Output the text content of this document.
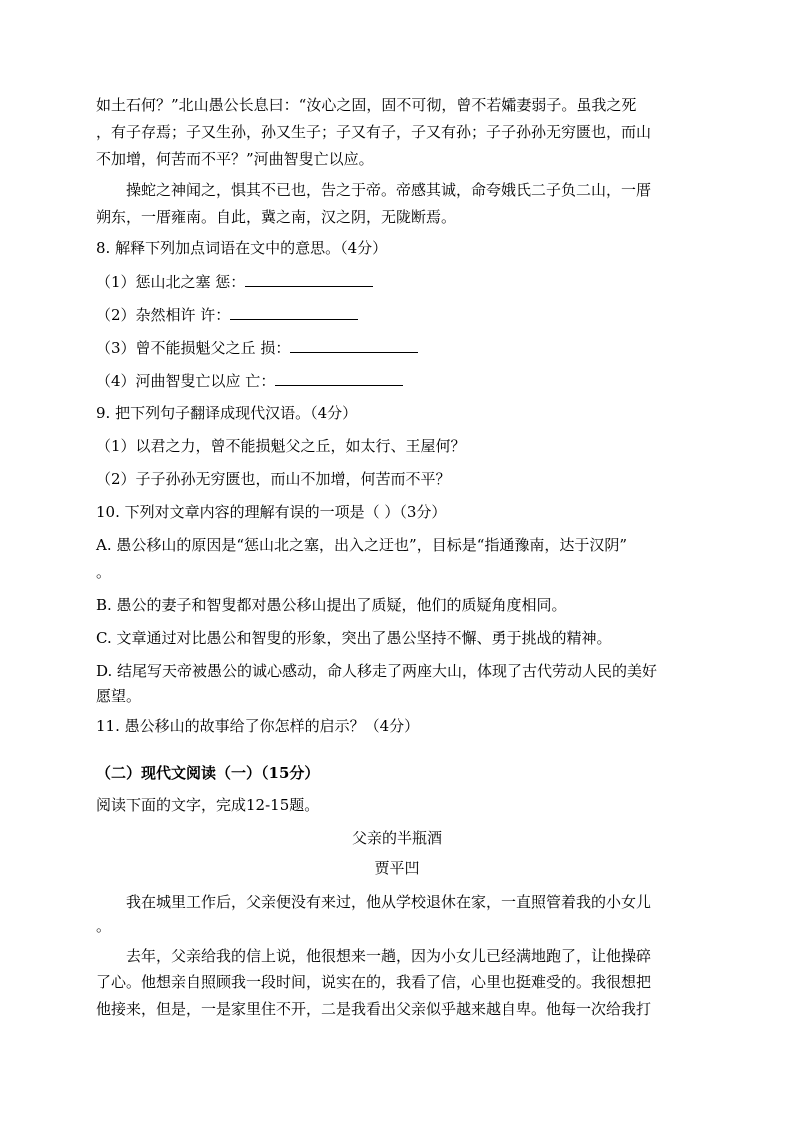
如土石何？”北山愚公长息曰：“汝心之固，固不可彻，曾不若孀妻弱子。虽我之死
，有子存焉；子又生孙，孙又生子；子又有子，子又有孙；子子孙孙无穷匮也，而山
不加增，何苦而不平？”河曲智叟亡以应。
操蛇之神闻之，惧其不已也，告之于帝。帝感其诚，命夸娥氏二子负二山，一厝
朔东，一厝雍南。自此，冀之南，汉之阴，无陇断焉。
8. 解释下列加点词语在文中的意思。（4分）
（1）惩山北之塞 惩：
（2）杂然相许 许：
（3）曾不能损魁父之丘 损：
（4）河曲智叟亡以应 亡：
9. 把下列句子翻译成现代汉语。（4分）
（1）以君之力，曾不能损魁父之丘，如太行、王屋何？
（2）子子孙孙无穷匮也，而山不加增，何苦而不平？
10. 下列对文章内容的理解有误的一项是（ ）（3分）
A. 愚公移山的原因是“惩山北之塞，出入之迂也”，目标是“指通豫南，达于汉阴”
。
B. 愚公的妻子和智叟都对愚公移山提出了质疑，他们的质疑角度相同。
C. 文章通过对比愚公和智叟的形象，突出了愚公坚持不懈、勇于挑战的精神。
D. 结尾写天帝被愚公的诚心感动，命人移走了两座大山，体现了古代劳动人民的美好
愿望。
11. 愚公移山的故事给了你怎样的启示？（4分）
（二）现代文阅读（一）（15分）
阅读下面的文字，完成12-15题。
父亲的半瓶酒
贾平凹
我在城里工作后，父亲便没有来过，他从学校退休在家，一直照管着我的小女儿
。
去年，父亲给我的信上说，他很想来一趟，因为小女儿已经满地跑了，让他操碎
了心。他想亲自照顾我一段时间，说实在的，我看了信，心里也挺难受的。我很想把
他接来，但是，一是家里住不开，二是我看出父亲似乎越来越自卑。他每一次给我打
